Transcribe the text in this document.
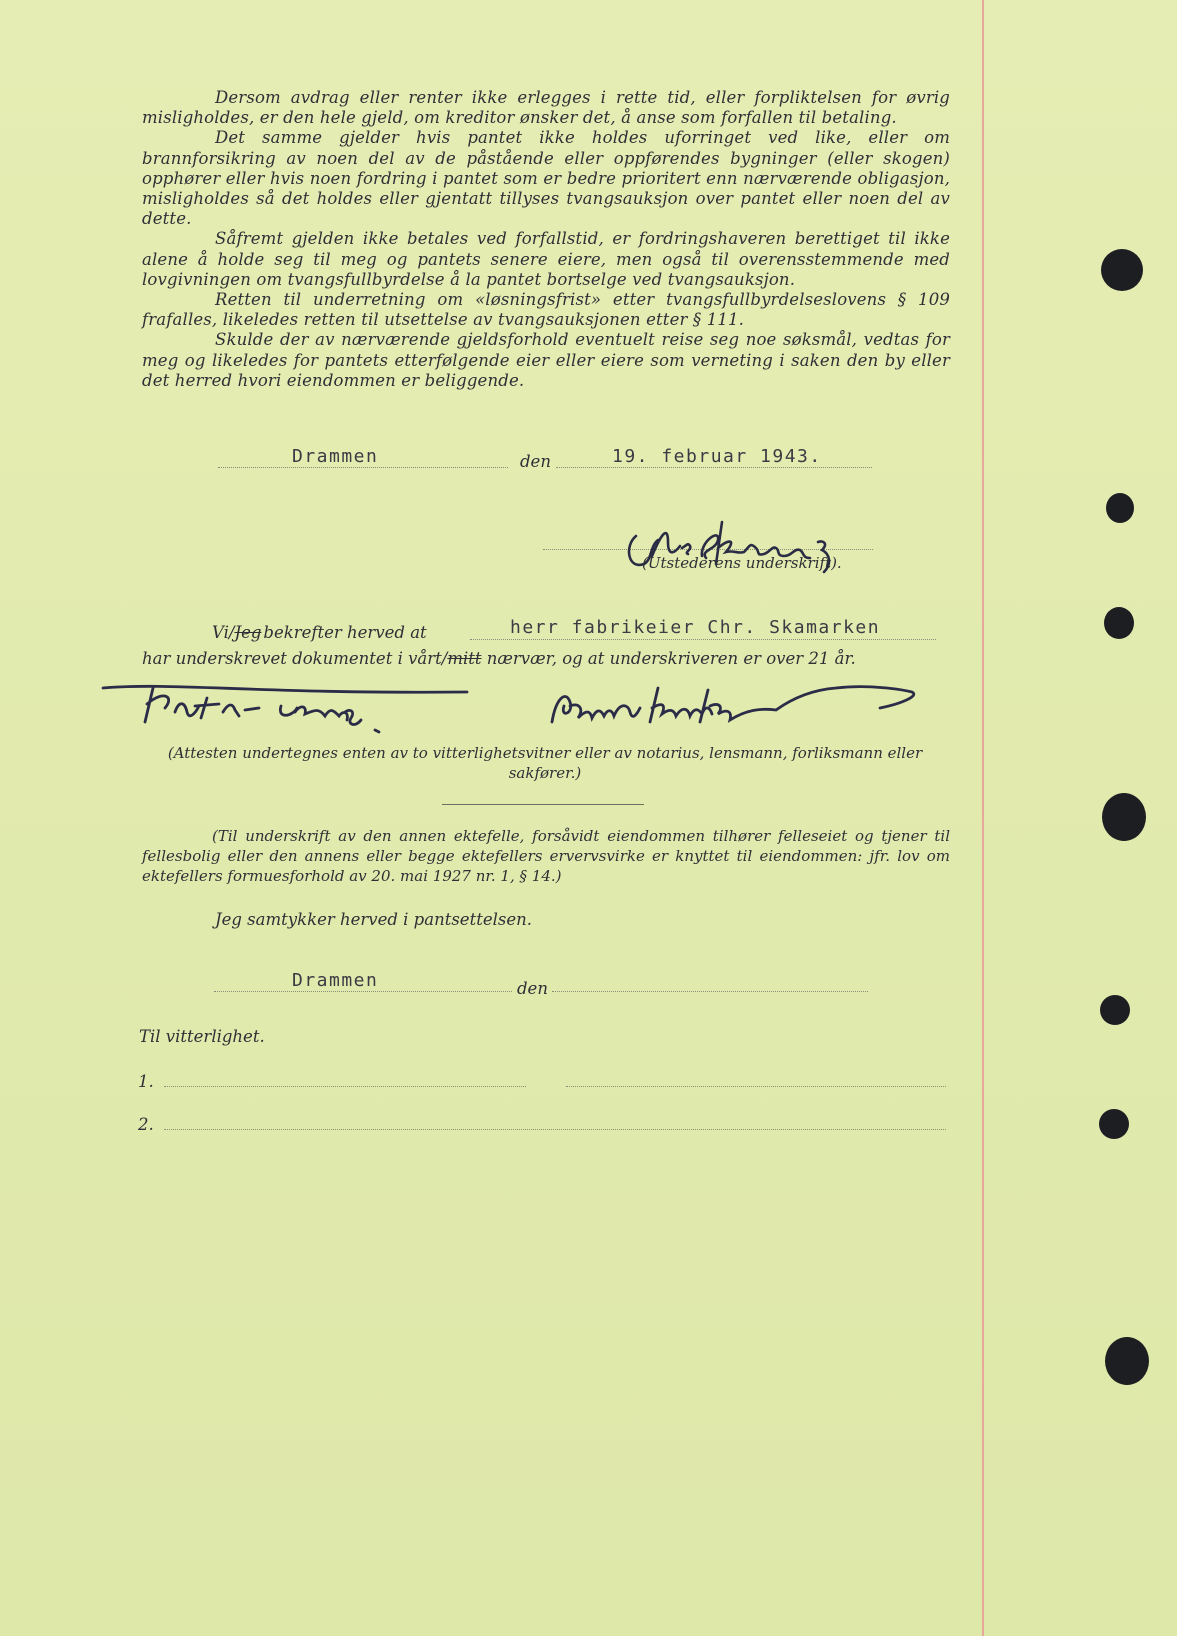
Dersom avdrag eller renter ikke erlegges i rette tid, eller forpliktelsen for øvrig misligholdes, er den hele gjeld, om kreditor ønsker det, å anse som forfallen til betaling.

Det samme gjelder hvis pantet ikke holdes uforringet ved like, eller om brannforsikring av noen del av de påstående eller oppførendes bygninger (eller skogen) opphører eller hvis noen fordring i pantet som er bedre prioritert enn nærværende obligasjon, misligholdes så det holdes eller gjentatt tillyses tvangsauksjon over pantet eller noen del av dette.

Såfremt gjelden ikke betales ved forfallstid, er fordringshaveren berettiget til ikke alene å holde seg til meg og pantets senere eiere, men også til overensstemmende med lovgivningen om tvangsfullbyrdelse å la pantet bortselge ved tvangsauksjon.

Retten til underretning om «løsningsfrist» etter tvangsfullbyrdelseslovens § 109 frafalles, likeledes retten til utsettelse av tvangsauksjonen etter § 111.

Skulde der av nærværende gjeldsforhold eventuelt reise seg noe søksmål, vedtas for meg og likeledes for pantets etterfølgende eier eller eiere som verneting i saken den by eller det herred hvori eiendommen er beliggende.

Drammen	den	19. februar 1943.
(Utstederens underskrift).
Vi/Jeg bekrefter herved at	herr fabrikeier Chr. Skamarken
har underskrevet dokumentet i vårt/mitt nærvær, og at underskriveren er over 21 år.
(Attesten undertegnes enten av to vitterlighetsvitner eller av notarius, lensmann, forliksmann eller sakfører.)
(Til underskrift av den annen ektefelle, forsåvidt eiendommen tilhører felleseiet og tjener til fellesbolig eller den annens eller begge ektefellers ervervsvirke er knyttet til eiendommen: jfr. lov om ektefellers formuesforhold av 20. mai 1927 nr. 1, § 14.)
Jeg samtykker herved i pantsettelsen.
Drammen	den
Til vitterlighet.
1.
2.
